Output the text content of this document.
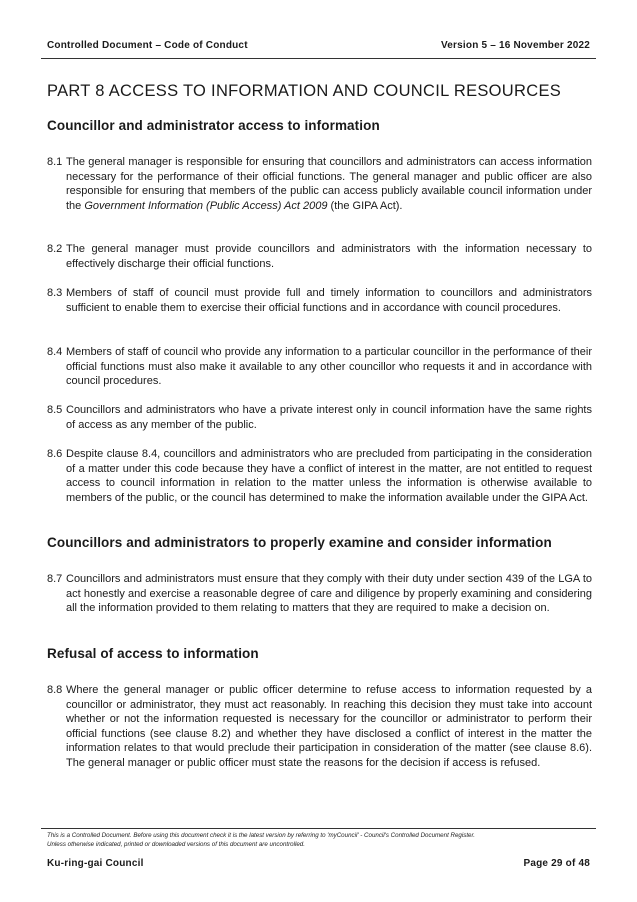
Controlled Document – Code of Conduct	Version 5 – 16 November 2022
PART 8 ACCESS TO INFORMATION AND COUNCIL RESOURCES
Councillor and administrator access to information
8.1 The general manager is responsible for ensuring that councillors and administrators can access information necessary for the performance of their official functions. The general manager and public officer are also responsible for ensuring that members of the public can access publicly available council information under the Government Information (Public Access) Act 2009 (the GIPA Act).
8.2 The general manager must provide councillors and administrators with the information necessary to effectively discharge their official functions.
8.3 Members of staff of council must provide full and timely information to councillors and administrators sufficient to enable them to exercise their official functions and in accordance with council procedures.
8.4 Members of staff of council who provide any information to a particular councillor in the performance of their official functions must also make it available to any other councillor who requests it and in accordance with council procedures.
8.5 Councillors and administrators who have a private interest only in council information have the same rights of access as any member of the public.
8.6 Despite clause 8.4, councillors and administrators who are precluded from participating in the consideration of a matter under this code because they have a conflict of interest in the matter, are not entitled to request access to council information in relation to the matter unless the information is otherwise available to members of the public, or the council has determined to make the information available under the GIPA Act.
Councillors and administrators to properly examine and consider information
8.7 Councillors and administrators must ensure that they comply with their duty under section 439 of the LGA to act honestly and exercise a reasonable degree of care and diligence by properly examining and considering all the information provided to them relating to matters that they are required to make a decision on.
Refusal of access to information
8.8 Where the general manager or public officer determine to refuse access to information requested by a councillor or administrator, they must act reasonably. In reaching this decision they must take into account whether or not the information requested is necessary for the councillor or administrator to perform their official functions (see clause 8.2) and whether they have disclosed a conflict of interest in the matter the information relates to that would preclude their participation in consideration of the matter (see clause 8.6). The general manager or public officer must state the reasons for the decision if access is refused.
This is a Controlled Document. Before using this document check it is the latest version by referring to 'myCouncil' - Council's Controlled Document Register.
Unless otherwise indicated, printed or downloaded versions of this document are uncontrolled.
Ku-ring-gai Council	Page 29 of 48
